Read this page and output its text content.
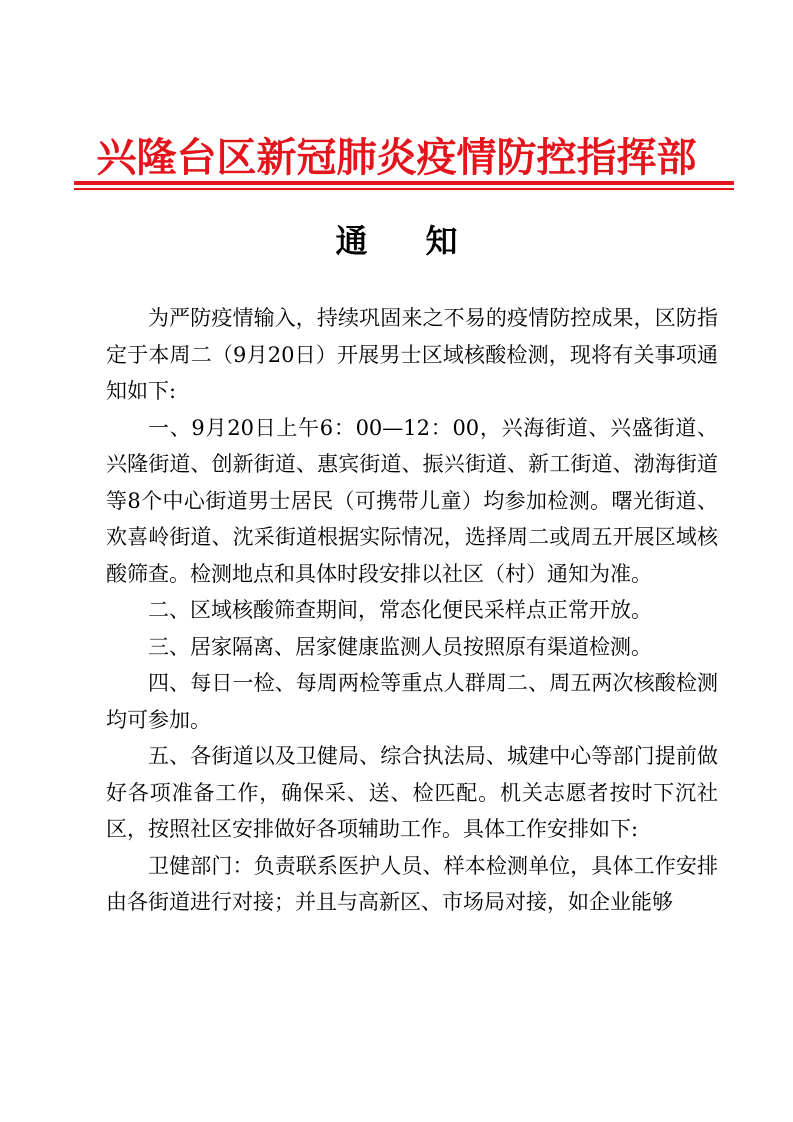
兴隆台区新冠肺炎疫情防控指挥部
通知

为严防疫情输入，持续巩固来之不易的疫情防控成果，区防指定于本周二（9月20日）开展男士区域核酸检测，现将有关事项通知如下:

一、9月20日上午6：00—12：00，兴海街道、兴盛街道、兴隆街道、创新街道、惠宾街道、振兴街道、新工街道、渤海街道等8个中心街道男士居民（可携带儿童）均参加检测。曙光街道、欢喜岭街道、沈采街道根据实际情况，选择周二或周五开展区域核酸筛查。检测地点和具体时段安排以社区（村）通知为准。

二、区域核酸筛查期间，常态化便民采样点正常开放。

三、居家隔离、居家健康监测人员按照原有渠道检测。

四、每日一检、每周两检等重点人群周二、周五两次核酸检测均可参加。

五、各街道以及卫健局、综合执法局、城建中心等部门提前做好各项准备工作，确保采、送、检匹配。机关志愿者按时下沉社区，按照社区安排做好各项辅助工作。具体工作安排如下:

卫健部门：负责联系医护人员、样本检测单位，具体工作安排由各街道进行对接；并且与高新区、市场局对接，如企业能够
